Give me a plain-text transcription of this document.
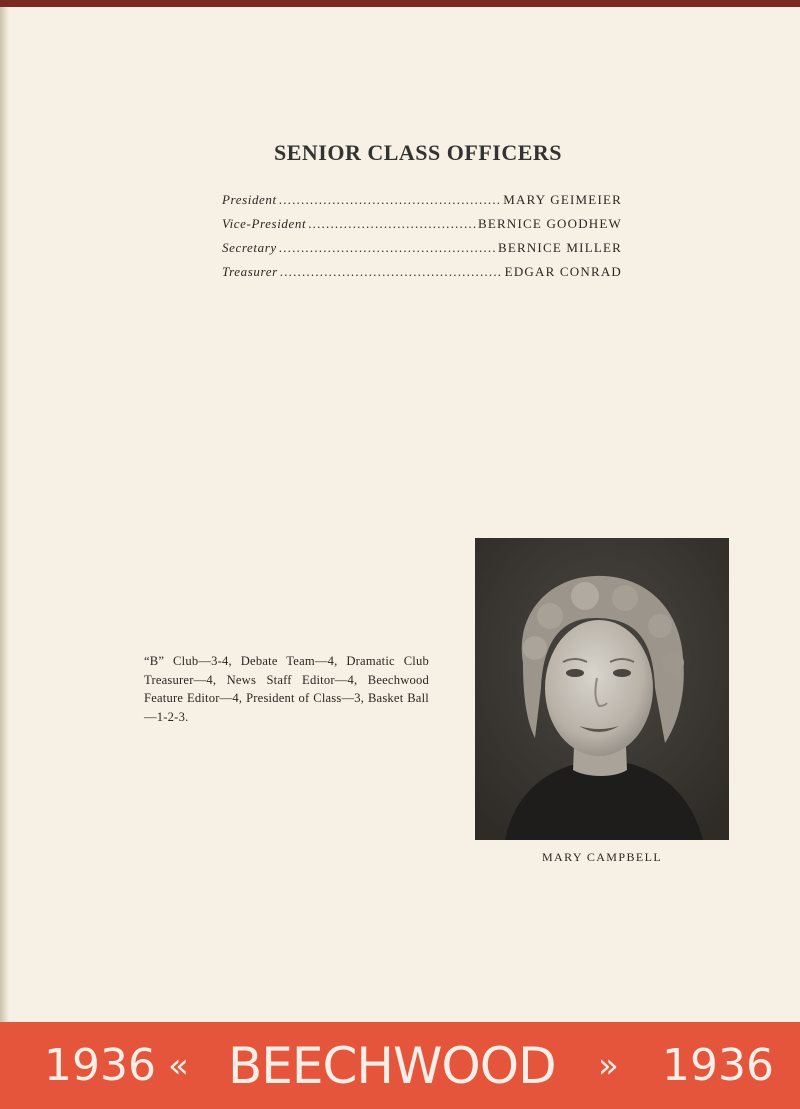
SENIOR CLASS OFFICERS
President .....	MARY GEIMEIER
Vice-President .....	BERNICE GOODHEW
Secretary .....	BERNICE MILLER
Treasurer .....	EDGAR CONRAD
“B” Club—3-4, Debate Team—4, Dramatic Club Treasurer—4, News Staff Editor—4, Beechwood Feature Editor—4, President of Class—3, Basket Ball—1-2-3.
MARY CAMPBELL
1936 « BEECHWOOD » 1936
